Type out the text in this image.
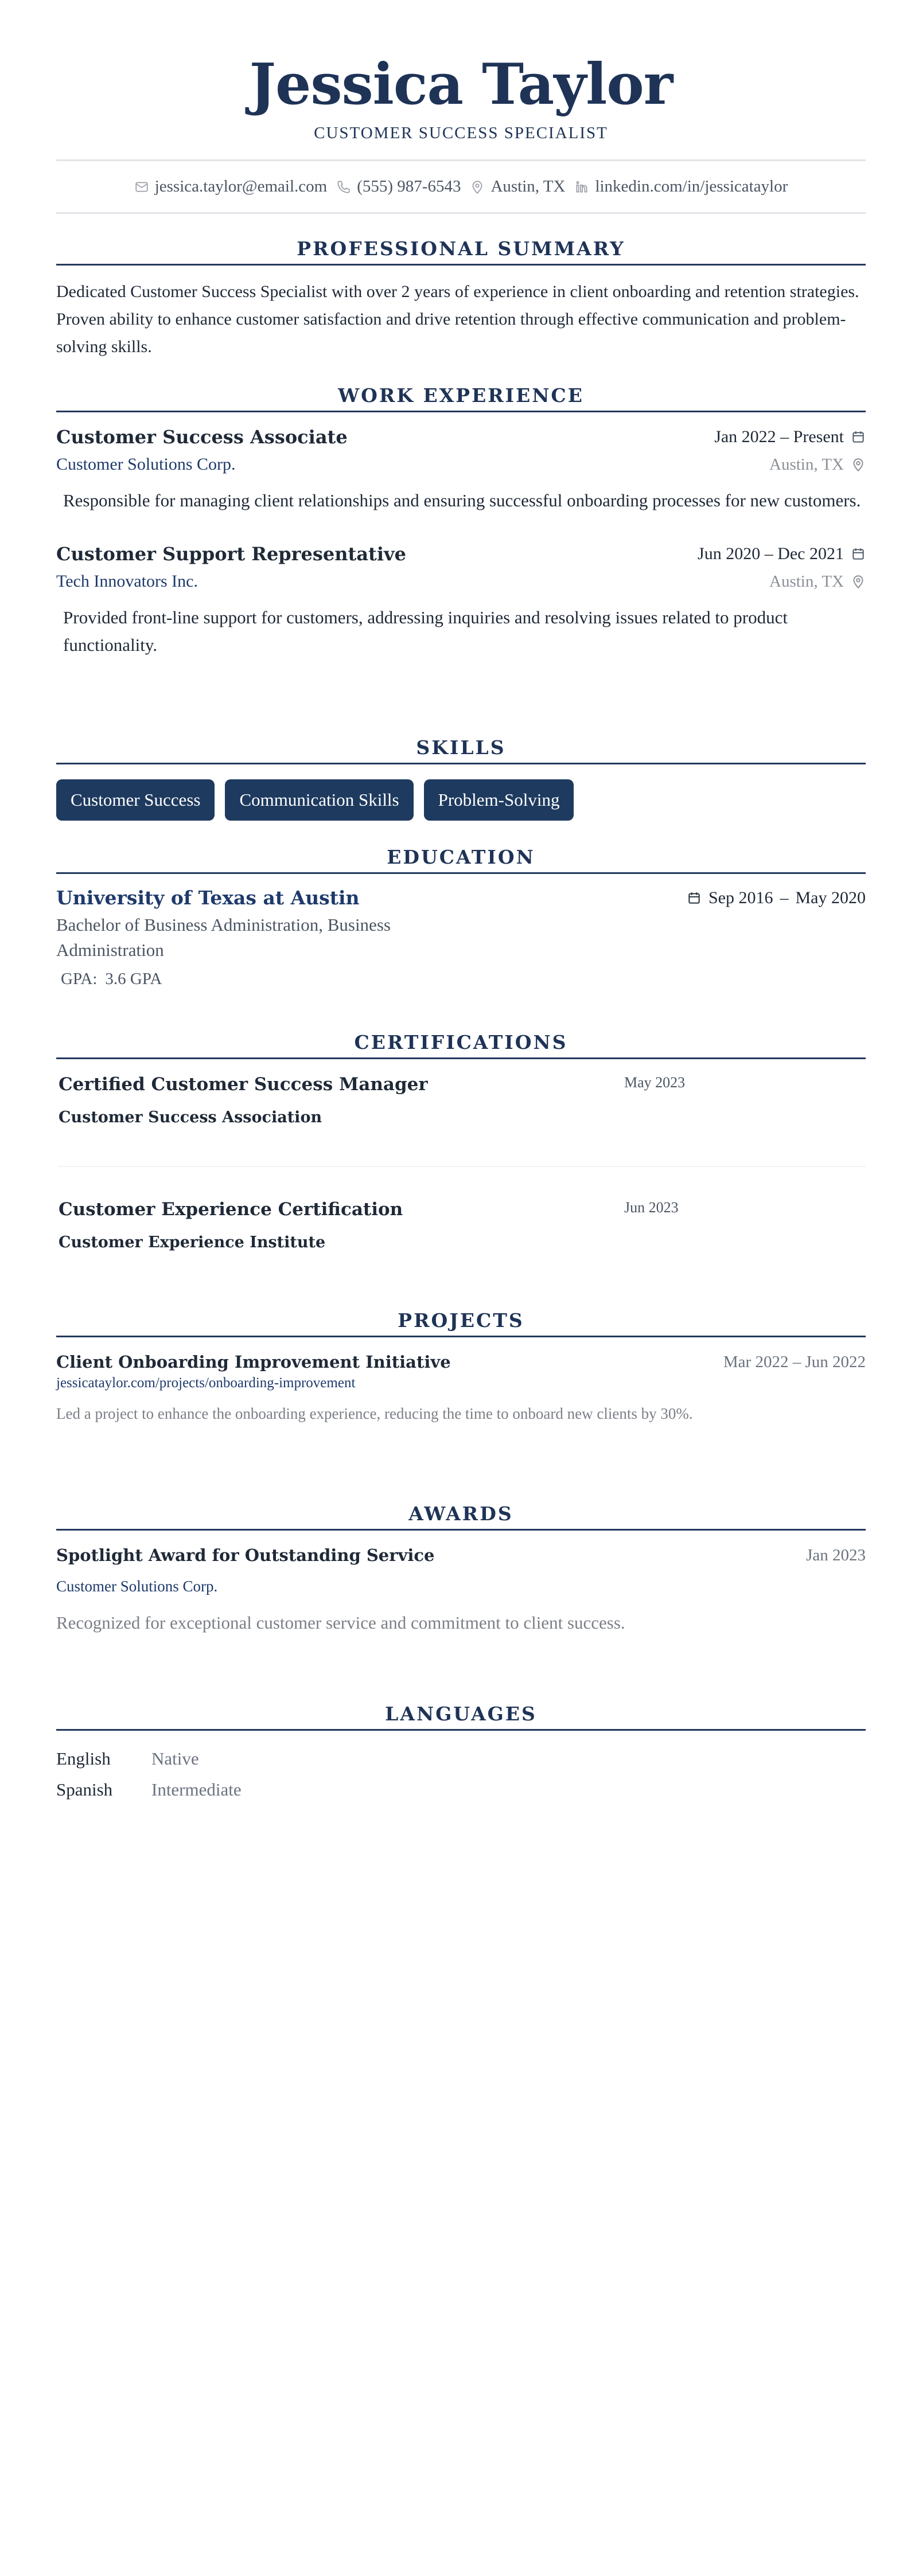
Jessica Taylor
CUSTOMER SUCCESS SPECIALIST
jessica.taylor@email.com (555) 987-6543 Austin, TX linkedin.com/in/jessicataylor
PROFESSIONAL SUMMARY
Dedicated Customer Success Specialist with over 2 years of experience in client onboarding and retention strategies. Proven ability to enhance customer satisfaction and drive retention through effective communication and problem-solving skills.
WORK EXPERIENCE
Customer Success Associate	Jan 2022 – Present
Customer Solutions Corp.	Austin, TX
Responsible for managing client relationships and ensuring successful onboarding processes for new customers.
Customer Support Representative	Jun 2020 – Dec 2021
Tech Innovators Inc.	Austin, TX
Provided front-line support for customers, addressing inquiries and resolving issues related to product functionality.
SKILLS
Customer Success	Communication Skills	Problem-Solving
EDUCATION
University of Texas at Austin	Sep 2016 – May 2020
Bachelor of Business Administration, Business Administration
GPA: 3.6 GPA
CERTIFICATIONS
Certified Customer Success Manager	May 2023
Customer Success Association
Customer Experience Certification	Jun 2023
Customer Experience Institute
PROJECTS
Client Onboarding Improvement Initiative	Mar 2022 – Jun 2022
jessicataylor.com/projects/onboarding-improvement
Led a project to enhance the onboarding experience, reducing the time to onboard new clients by 30%.
AWARDS
Spotlight Award for Outstanding Service	Jan 2023
Customer Solutions Corp.
Recognized for exceptional customer service and commitment to client success.
LANGUAGES
English	Native
Spanish	Intermediate
